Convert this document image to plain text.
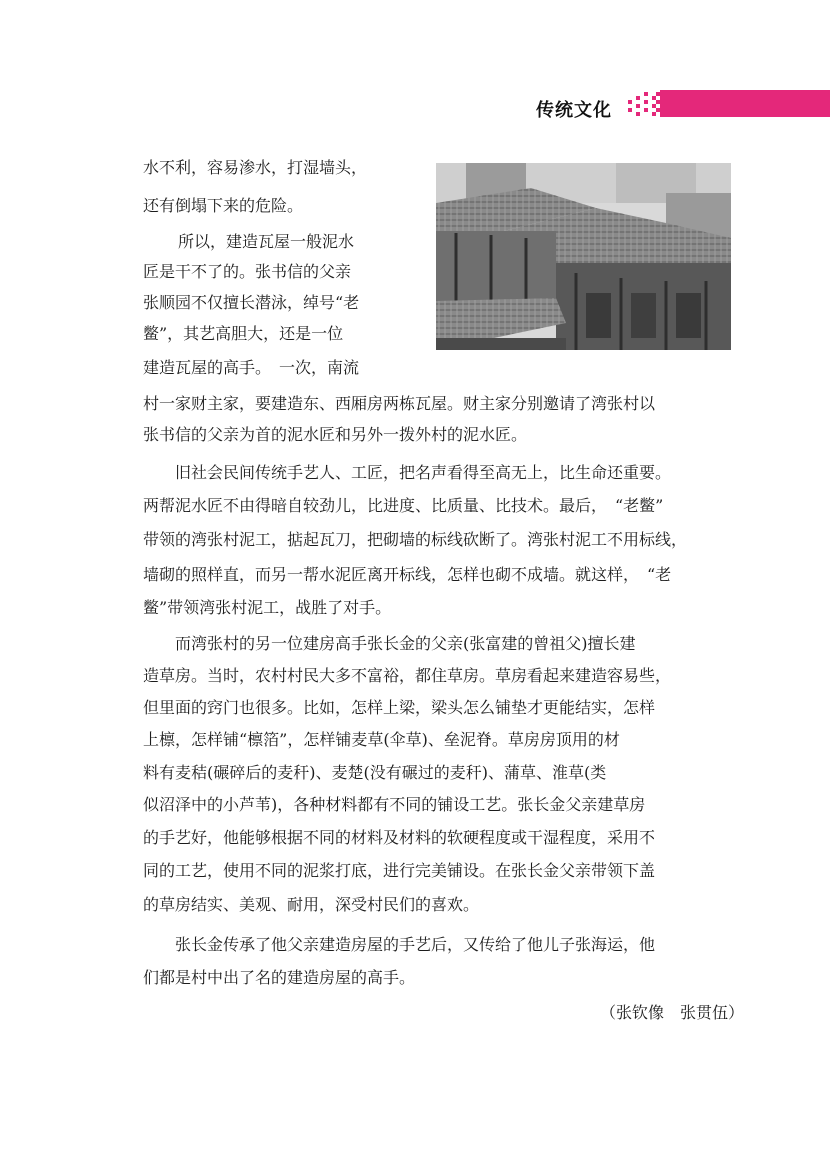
传统文化
水不利，容易渗水，打湿墙头，
还有倒塌下来的危险。
所以，建造瓦屋一般泥水
匠是干不了的。张书信的父亲
张顺园不仅擅长潜泳，绰号“老
鳖”，其艺高胆大，还是一位
建造瓦屋的高手。　一次，南流
村一家财主家，要建造东、西厢房两栋瓦屋。财主家分别邀请了湾张村以
张书信的父亲为首的泥水匠和另外一拨外村的泥水匠。
旧社会民间传统手艺人、工匠，把名声看得至高无上，比生命还重要。
两帮泥水匠不由得暗自较劲儿，比进度、比质量、比技术。最后，　“老鳖”
带领的湾张村泥工，掂起瓦刀，把砌墙的标线砍断了。湾张村泥工不用标线，
墙砌的照样直，而另一帮水泥匠离开标线，怎样也砌不成墙。就这样，　“老
鳖”带领湾张村泥工，战胜了对手。
而湾张村的另一位建房高手张长金的父亲(张富建的曾祖父)擅长建
造草房。当时，农村村民大多不富裕，都住草房。草房看起来建造容易些，
但里面的窍门也很多。比如，怎样上梁，梁头怎么铺垫才更能结实，怎样
上檩，怎样铺“檩箔”，怎样铺麦草(伞草)、垒泥脊。草房房顶用的材
料有麦秸(碾碎后的麦秆)、麦楚(没有碾过的麦秆)、蒲草、淮草(类
似沼泽中的小芦苇)，各种材料都有不同的铺设工艺。张长金父亲建草房
的手艺好，他能够根据不同的材料及材料的软硬程度或干湿程度，采用不
同的工艺，使用不同的泥浆打底，进行完美铺设。在张长金父亲带领下盖
的草房结实、美观、耐用，深受村民们的喜欢。
张长金传承了他父亲建造房屋的手艺后，又传给了他儿子张海运，他
们都是村中出了名的建造房屋的高手。
（张钦像　张贯伍）
